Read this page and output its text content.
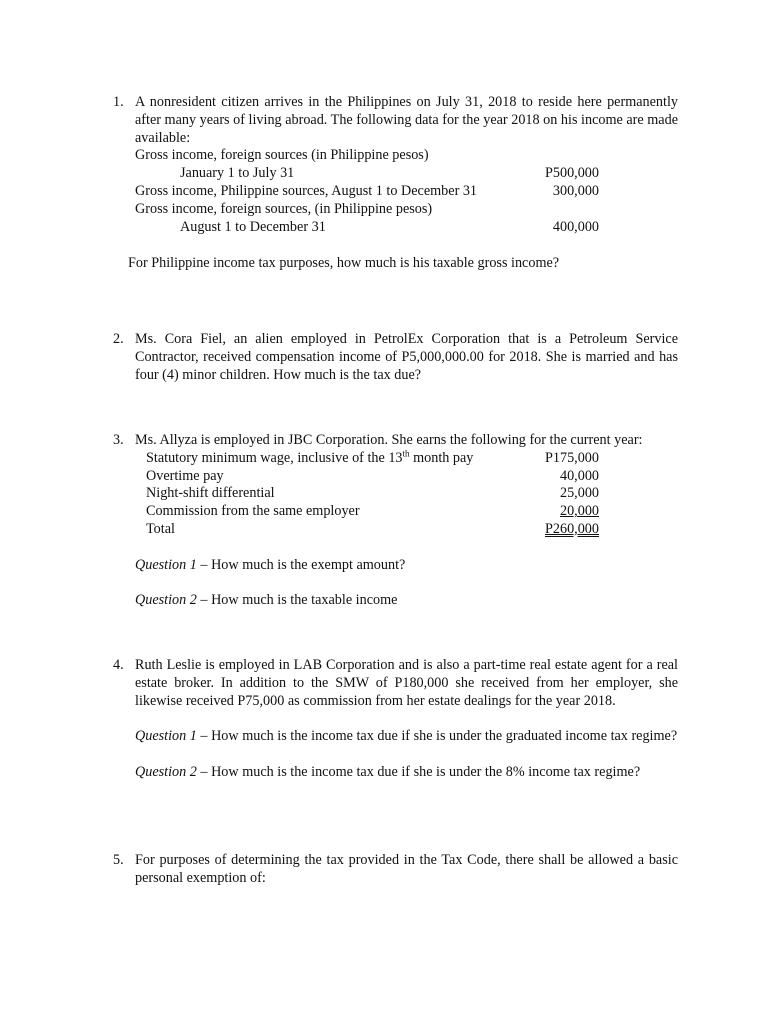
1. A nonresident citizen arrives in the Philippines on July 31, 2018 to reside here permanently after many years of living abroad. The following data for the year 2018 on his income are made available:
Gross income, foreign sources (in Philippine pesos)
January 1 to July 31	P500,000
Gross income, Philippine sources, August 1 to December 31	300,000
Gross income, foreign sources, (in Philippine pesos)
August 1 to December 31	400,000
For Philippine income tax purposes, how much is his taxable gross income?
2. Ms. Cora Fiel, an alien employed in PetrolEx Corporation that is a Petroleum Service Contractor, received compensation income of P5,000,000.00 for 2018. She is married and has four (4) minor children. How much is the tax due?
3. Ms. Allyza is employed in JBC Corporation. She earns the following for the current year:
Statutory minimum wage, inclusive of the 13th month pay	P175,000
Overtime pay	40,000
Night-shift differential	25,000
Commission from the same employer	20,000
Total	P260,000
Question 1 – How much is the exempt amount?
Question 2 – How much is the taxable income
4. Ruth Leslie is employed in LAB Corporation and is also a part-time real estate agent for a real estate broker. In addition to the SMW of P180,000 she received from her employer, she likewise received P75,000 as commission from her estate dealings for the year 2018.
Question 1 – How much is the income tax due if she is under the graduated income tax regime?
Question 2 – How much is the income tax due if she is under the 8% income tax regime?
5. For purposes of determining the tax provided in the Tax Code, there shall be allowed a basic personal exemption of:
